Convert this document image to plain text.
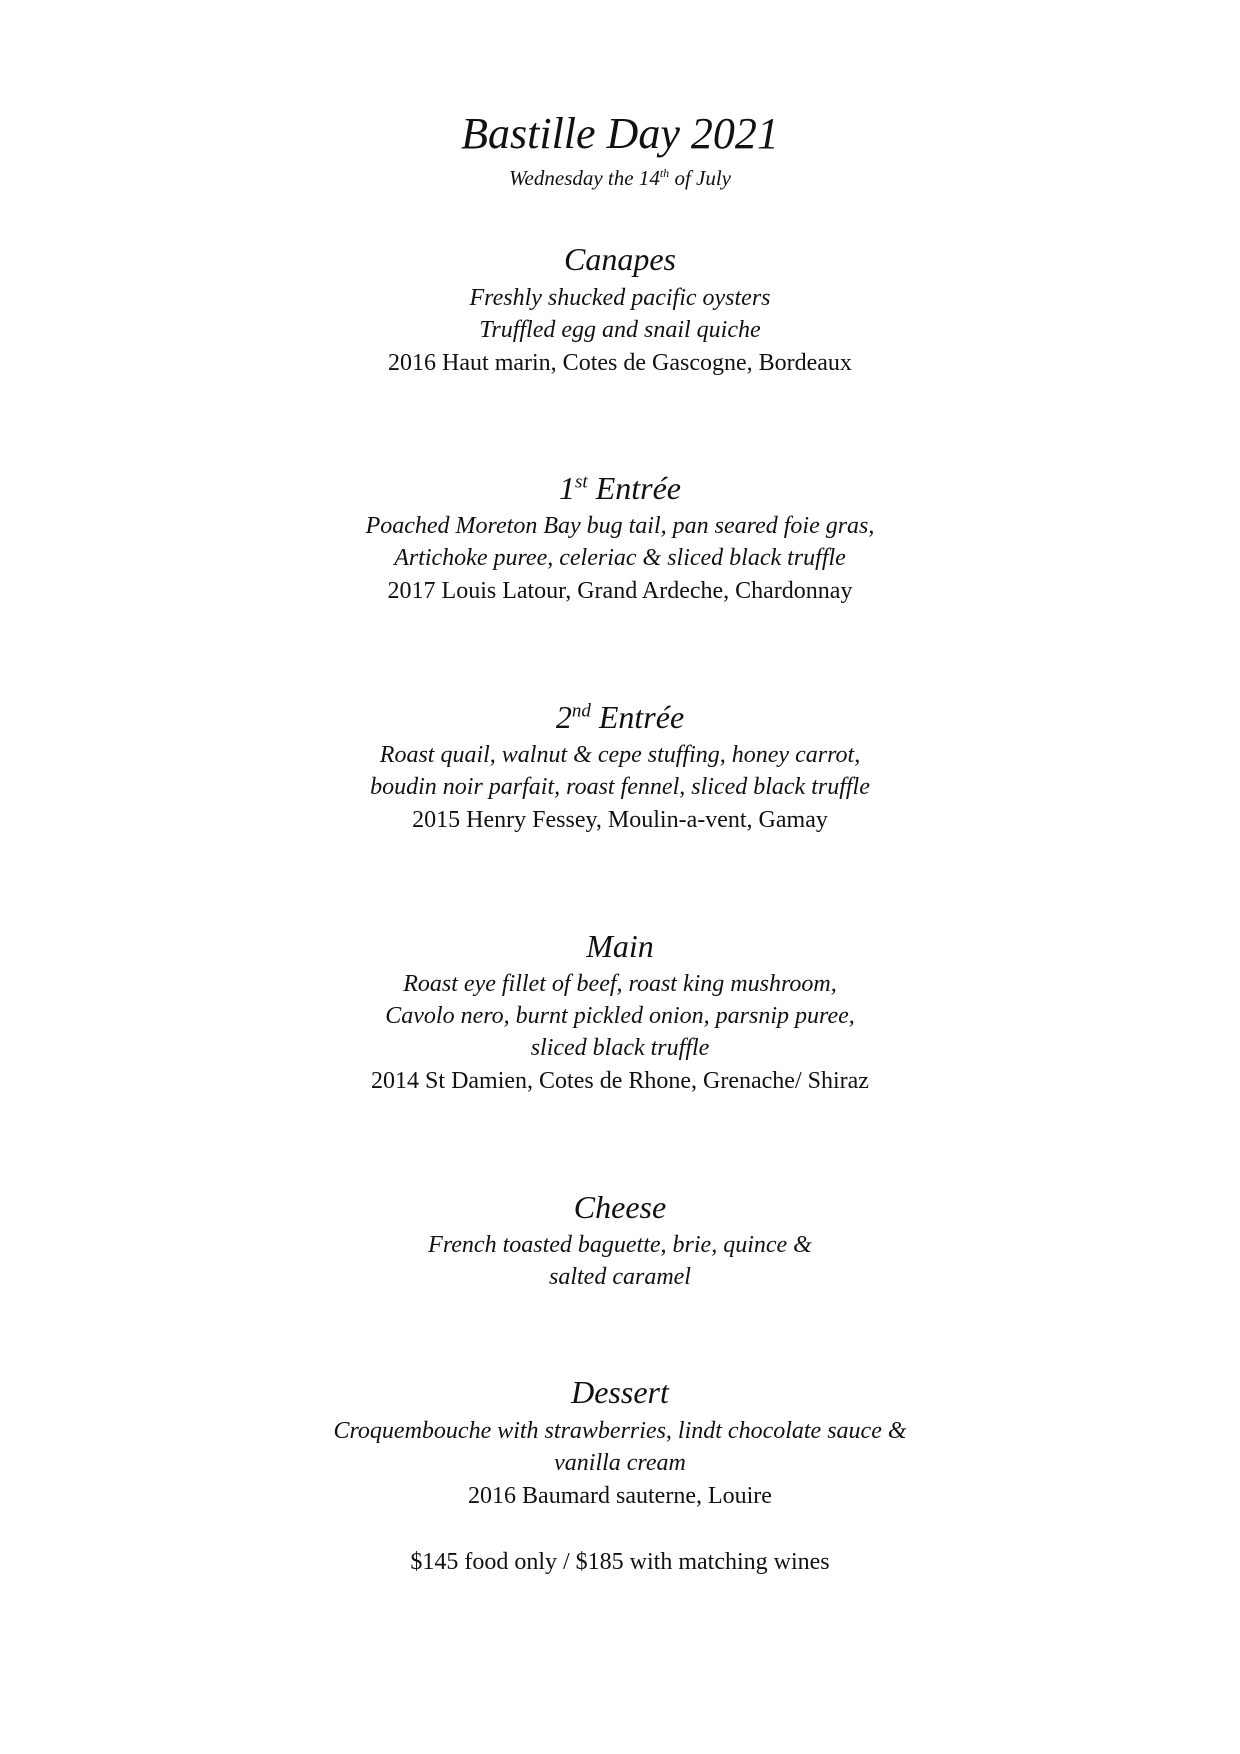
Bastille Day 2021
Wednesday the 14th of July
Canapes
Freshly shucked pacific oysters
Truffled egg and snail quiche
2016 Haut marin, Cotes de Gascogne, Bordeaux
1st Entrée
Poached Moreton Bay bug tail, pan seared foie gras,
Artichoke puree, celeriac & sliced black truffle
2017 Louis Latour, Grand Ardeche, Chardonnay
2nd Entrée
Roast quail, walnut & cepe stuffing, honey carrot,
boudin noir parfait, roast fennel, sliced black truffle
2015 Henry Fessey, Moulin-a-vent, Gamay
Main
Roast eye fillet of beef, roast king mushroom,
Cavolo nero, burnt pickled onion, parsnip puree,
sliced black truffle
2014 St Damien, Cotes de Rhone, Grenache/ Shiraz
Cheese
French toasted baguette, brie, quince &
salted caramel
Dessert
Croquembouche with strawberries, lindt chocolate sauce &
vanilla cream
2016 Baumard sauterne, Louire
$145 food only / $185 with matching wines
